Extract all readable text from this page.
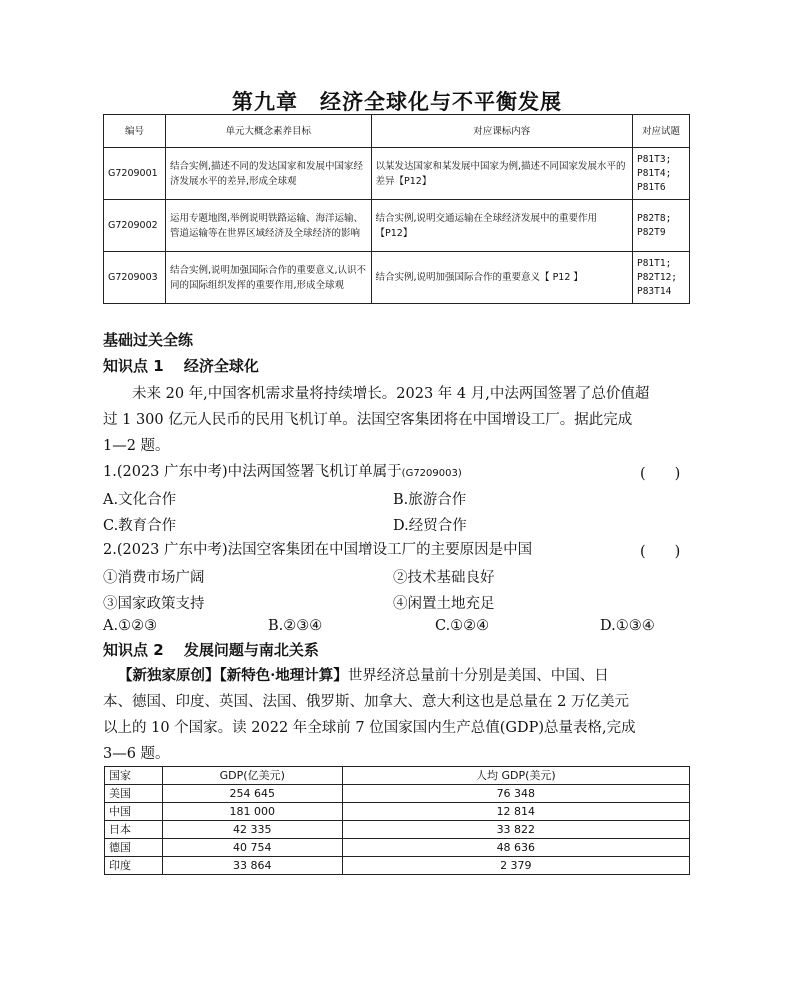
第九章　经济全球化与不平衡发展
编号	单元大概念素养目标	对应课标内容	对应试题
G7209001	结合实例,描述不同的发达国家和发展中国家经济发展水平的差异,形成全球观	以某发达国家和某发展中国家为例,描述不同国家发展水平的差异【P12】	P81T3;
P81T4;
P81T6
G7209002	运用专题地图,举例说明铁路运输、海洋运输、管道运输等在世界区域经济及全球经济的影响	结合实例,说明交通运输在全球经济发展中的重要作用【P12】	P82T8;
P82T9
G7209003	结合实例,说明加强国际合作的重要意义,认识不同的国际组织发挥的重要作用,形成全球观	结合实例,说明加强国际合作的重要意义【 P12 】	P81T1;
P82T12;
P83T14
基础过关全练
知识点 1　 经济全球化
　　未来 20 年,中国客机需求量将持续增长。2023 年 4 月,中法两国签署了总价值超
过 1 300 亿元人民币的民用飞机订单。法国空客集团将在中国增设工厂。据此完成
1—2 题。
1.(2023 广东中考)中法两国签署飞机订单属于(G7209003)	(　　)
A.文化合作	B.旅游合作
C.教育合作	D.经贸合作
2.(2023 广东中考)法国空客集团在中国增设工厂的主要原因是中国	(　　)
①消费市场广阔	②技术基础良好
③国家政策支持	④闲置土地充足
A.①②③	B.②③④	C.①②④	D.①③④
知识点 2　 发展问题与南北关系
【新独家原创】【新特色·地理计算】世界经济总量前十分别是美国、中国、日
本、德国、印度、英国、法国、俄罗斯、加拿大、意大利这也是总量在 2 万亿美元
以上的 10 个国家。读 2022 年全球前 7 位国家国内生产总值(GDP)总量表格,完成
3—6 题。
国家	GDP(亿美元)	人均 GDP(美元)
美国	254 645	76 348
中国	181 000	12 814
日本	42 335	33 822
德国	40 754	48 636
印度	33 864	2 379
